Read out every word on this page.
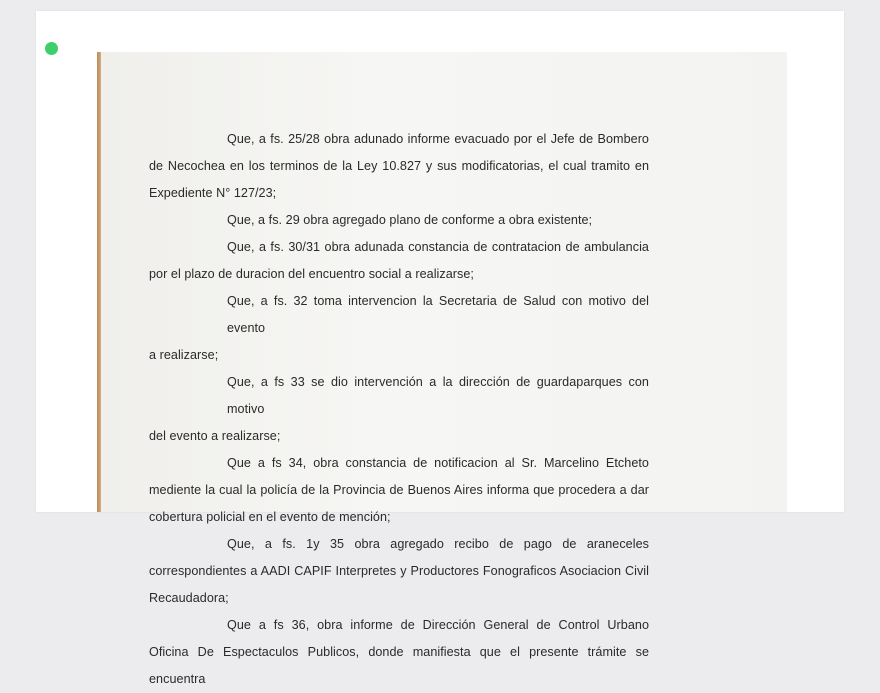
Que, a fs. 25/28 obra adunado informe evacuado por el Jefe de Bombero
de Necochea en los terminos de la Ley 10.827 y sus modificatorias, el cual tramito en
Expediente N° 127/23;

Que, a fs. 29 obra agregado plano de conforme a obra existente;

Que, a fs. 30/31 obra adunada constancia de contratacion de ambulancia
por el plazo de duracion del encuentro social a realizarse;

Que, a fs. 32 toma intervencion la Secretaria de Salud con motivo del evento
a realizarse;

Que, a fs 33 se dio intervención a la dirección de guardaparques con motivo
del evento a realizarse;

Que a fs 34, obra constancia de notificacion al Sr. Marcelino Etcheto
mediente la cual la policía de la Provincia de Buenos Aires informa que procedera a dar
cobertura policial en el evento de mención;

Que, a fs. 1y 35 obra agregado recibo de pago de araneceles
correspondientes a AADI CAPIF Interpretes y Productores Fonograficos Asociacion Civil
Recaudadora;

Que a fs 36, obra informe de Dirección General de Control Urbano
Oficina De Espectaculos Publicos, donde manifiesta que el presente trámite se encuentra
